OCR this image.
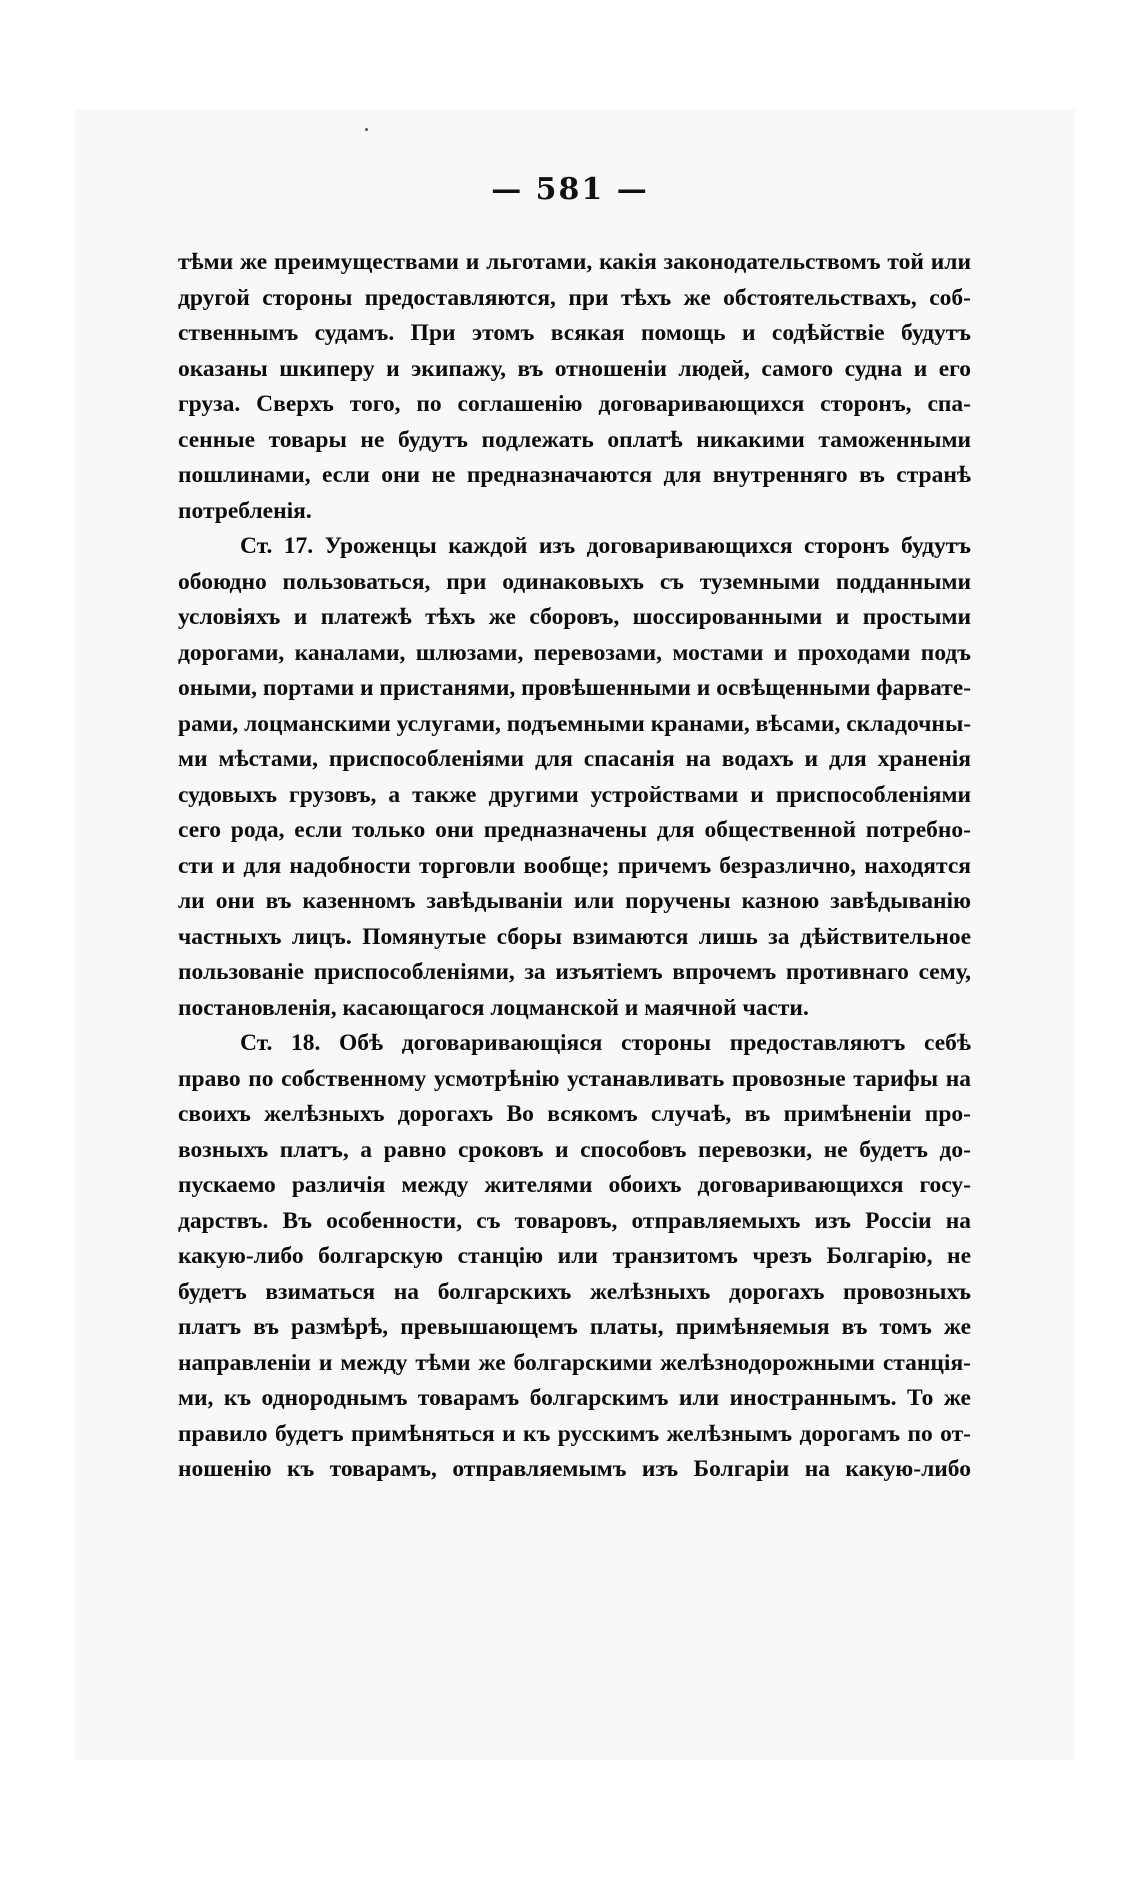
— 581 —
тѣми же преимуществами и льготами, какія законодательствомъ той или
другой стороны предоставляются, при тѣхъ же обстоятельствахъ, соб-
ственнымъ судамъ. При этомъ всякая помощь и содѣйствіе будутъ
оказаны шкиперу и экипажу, въ отношеніи людей, самого судна и его
груза. Сверхъ того, по соглашенію договаривающихся сторонъ, спа-
сенные товары не будутъ подлежать оплатѣ никакими таможенными
пошлинами, если они не предназначаются для внутренняго въ странѣ
потребленія.
Ст. 17. Уроженцы каждой изъ договаривающихся сторонъ будутъ
обоюдно пользоваться, при одинаковыхъ съ туземными подданными
условіяхъ и платежѣ тѣхъ же сборовъ, шоссированными и простыми
дорогами, каналами, шлюзами, перевозами, мостами и проходами подъ
оными, портами и пристанями, провѣшенными и освѣщенными фарвате-
рами, лоцманскими услугами, подъемными кранами, вѣсами, складочны-
ми мѣстами, приспособленіями для спасанія на водахъ и для храненія
судовыхъ грузовъ, а также другими устройствами и приспособленіями
сего рода, если только они предназначены для общественной потребно-
сти и для надобности торговли вообще; причемъ безразлично, находятся
ли они въ казенномъ завѣдываніи или поручены казною завѣдыванію
частныхъ лицъ. Помянутые сборы взимаются лишь за дѣйствительное
пользованіе приспособленіями, за изъятіемъ впрочемъ противнаго сему,
постановленія, касающагося лоцманской и маячной части.
Ст. 18. Обѣ договаривающіяся стороны предоставляютъ себѣ
право по собственному усмотрѣнію устанавливать провозные тарифы на
своихъ желѣзныхъ дорогахъ Во всякомъ случаѣ, въ примѣненіи про-
возныхъ платъ, а равно сроковъ и способовъ перевозки, не будетъ до-
пускаемо различія между жителями обоихъ договаривающихся госу-
дарствъ. Въ особенности, съ товаровъ, отправляемыхъ изъ Россіи на
какую-либо болгарскую станцію или транзитомъ чрезъ Болгарію, не
будетъ взиматься на болгарскихъ желѣзныхъ дорогахъ провозныхъ
платъ въ размѣрѣ, превышающемъ платы, примѣняемыя въ томъ же
направленіи и между тѣми же болгарскими желѣзнодорожными станція-
ми, къ однороднымъ товарамъ болгарскимъ или иностраннымъ. То же
правило будетъ примѣняться и къ русскимъ желѣзнымъ дорогамъ по от-
ношенію къ товарамъ, отправляемымъ изъ Болгаріи на какую-либо
